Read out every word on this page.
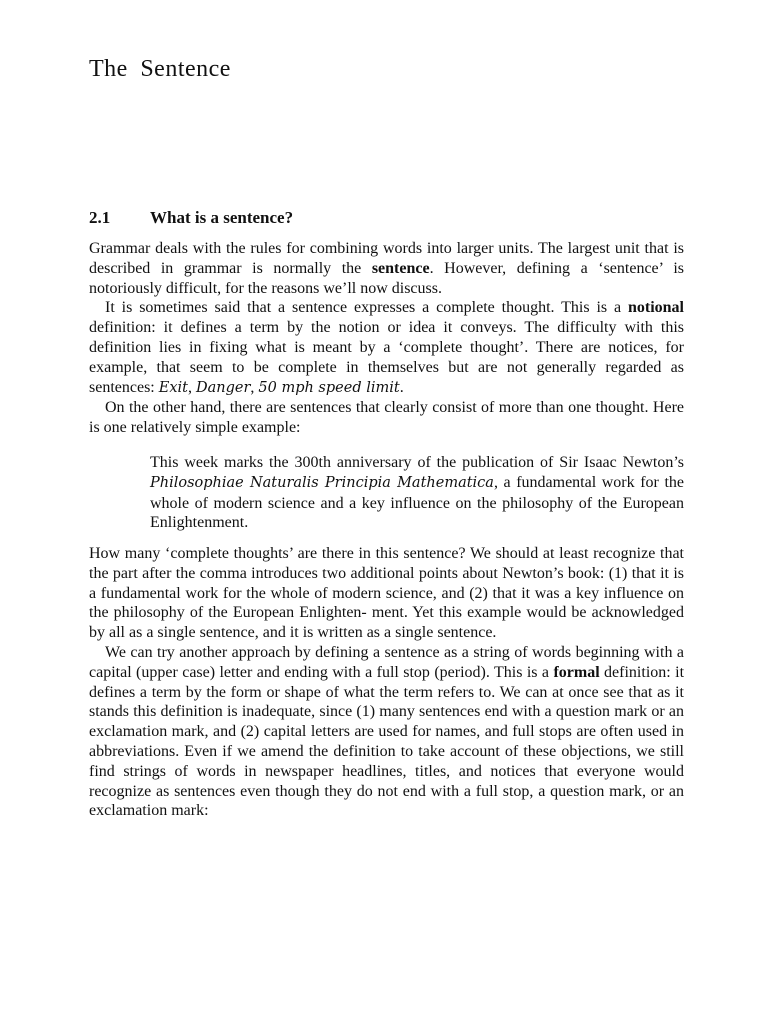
The Sentence
2.1 What is a sentence?

Grammar deals with the rules for combining words into larger units. The largest unit that is described in grammar is normally the sentence. However, defining a ‘sentence’ is notoriously difficult, for the reasons we’ll now discuss.

It is sometimes said that a sentence expresses a complete thought. This is a notional definition: it defines a term by the notion or idea it conveys. The difficulty with this definition lies in fixing what is meant by a ‘complete thought’. There are notices, for example, that seem to be complete in themselves but are not generally regarded as sentences: Exit, Danger, 50 mph speed limit.

On the other hand, there are sentences that clearly consist of more than one thought. Here is one relatively simple example:

This week marks the 300th anniversary of the publication of Sir Isaac Newton’s Philosophiae Naturalis Principia Mathematica, a fundamental work for the whole of modern science and a key influence on the philosophy of the European Enlightenment.

How many ‘complete thoughts’ are there in this sentence? We should at least recognize that the part after the comma introduces two additional points about Newton’s book: (1) that it is a fundamental work for the whole of modern science, and (2) that it was a key influence on the philosophy of the European Enlighten- ment. Yet this example would be acknowledged by all as a single sentence, and it is written as a single sentence.

We can try another approach by defining a sentence as a string of words beginning with a capital (upper case) letter and ending with a full stop (period). This is a formal definition: it defines a term by the form or shape of what the term refers to. We can at once see that as it stands this definition is inadequate, since (1) many sentences end with a question mark or an exclamation mark, and (2) capital letters are used for names, and full stops are often used in abbreviations. Even if we amend the definition to take account of these objections, we still find strings of words in newspaper headlines, titles, and notices that everyone would recognize as sentences even though they do not end with a full stop, a question mark, or an exclamation mark:
